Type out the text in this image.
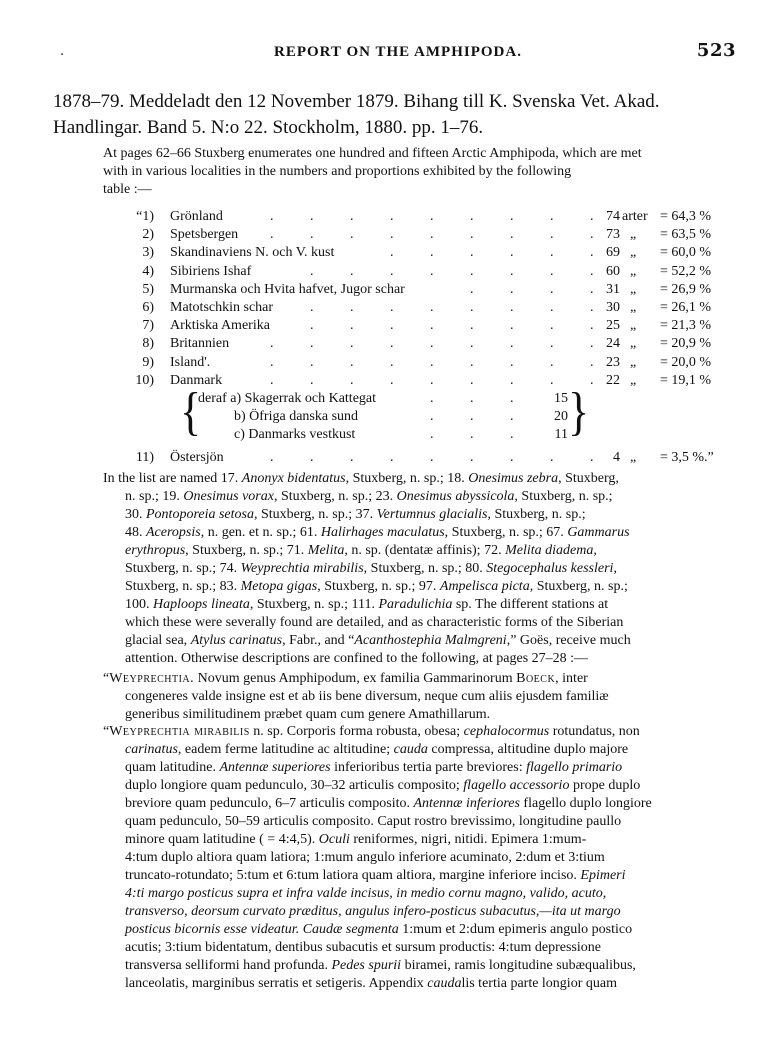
.	REPORT ON THE AMPHIPODA.	523
1878–79. Meddeladt den 12 November 1879. Bihang till K. Svenska Vet. Akad.
Handlingar. Band 5. N:o 22. Stockholm, 1880. pp. 1–76.
At pages 62–66 Stuxberg enumerates one hundred and fifteen Arctic Amphipoda, which are met
with in various localities in the numbers and proportions exhibited by the following
table :—
“1) Grönland	74 arter = 64,3 %
2) Spetsbergen	73 „ = 63,5 %
3) Skandinaviens N. och V. kust	69 „ = 60,0 %
4) Sibiriens Ishaf	60 „ = 52,2 %
5) Murmanska och Hvita hafvet, Jugor schar	31 „ = 26,9 %
6) Matotschkin schar	30 „ = 26,1 %
7) Arktiska Amerika	25 „ = 21,3 %
8) Britannien	24 „ = 20,9 %
9) Island'.	23 „ = 20,0 %
10) Danmark	22 „ = 19,1 %
.	.	.	.	.	.	.	.	.
.	.	.	.	.	.	.	.	.
.	.	.	.	.	.
.	.	.	.	.	.	.	.
.	.	.	.
.	.	.	.	.	.	.	.
.	.	.	.	.	.	.	.
.	.	.	.	.	.	.	.	.
.	.	.	.	.	.	.	.	.
.	.	.	.	.	.	.	.	.
deraf a) Skagerrak och Kattegat	15
.	.	.
b) Öfriga danska sund	20
.	.	.
c) Danmarks vestkust	11
.	.	.
{	}
11) Östersjön	4 „ = 3,5 %.”
.	.	.	.	.	.	.	.	.
In the list are named 17. Anonyx bidentatus, Stuxberg, n. sp.; 18. Onesimus zebra, Stuxberg,
n. sp.; 19. Onesimus vorax, Stuxberg, n. sp.; 23. Onesimus abyssicola, Stuxberg, n. sp.;
30. Pontoporeia setosa, Stuxberg, n. sp.; 37. Vertumnus glacialis, Stuxberg, n. sp.;
48. Aceropsis, n. gen. et n. sp.; 61. Halirhages maculatus, Stuxberg, n. sp.; 67. Gammarus
erythropus, Stuxberg, n. sp.; 71. Melita, n. sp. (dentatæ affinis); 72. Melita diadema,
Stuxberg, n. sp.; 74. Weyprechtia mirabilis, Stuxberg, n. sp.; 80. Stegocephalus kessleri,
Stuxberg, n. sp.; 83. Metopa gigas, Stuxberg, n. sp.; 97. Ampelisca picta, Stuxberg, n. sp.;
100. Haploops lineata, Stuxberg, n. sp.; 111. Paradulichia sp. The different stations at
which these were severally found are detailed, and as characteristic forms of the Siberian
glacial sea, Atylus carinatus, Fabr., and “Acanthostephia Malmgreni,” Goës, receive much
attention. Otherwise descriptions are confined to the following, at pages 27–28 :—
“Weyprechtia. Novum genus Amphipodum, ex familia Gammarinorum Boeck, inter
congeneres valde insigne est et ab iis bene diversum, neque cum aliis ejusdem familiæ
generibus similitudinem præbet quam cum genere Amathillarum.
“Weyprechtia mirabilis n. sp. Corporis forma robusta, obesa; cephalocormus rotundatus, non
carinatus, eadem ferme latitudine ac altitudine; cauda compressa, altitudine duplo majore
quam latitudine. Antennæ superiores inferioribus tertia parte breviores: flagello primario
duplo longiore quam pedunculo, 30–32 articulis composito; flagello accessorio prope duplo
breviore quam pedunculo, 6–7 articulis composito. Antennæ inferiores flagello duplo longiore
quam pedunculo, 50–59 articulis composito. Caput rostro brevissimo, longitudine paullo
minore quam latitudine ( = 4:4,5). Oculi reniformes, nigri, nitidi. Epimera 1:mum-
4:tum duplo altiora quam latiora; 1:mum angulo inferiore acuminato, 2:dum et 3:tium
truncato-rotundato; 5:tum et 6:tum latiora quam altiora, margine inferiore inciso. Epimeri
4:ti margo posticus supra et infra valde incisus, in medio cornu magno, valido, acuto,
transverso, deorsum curvato præditus, angulus infero-posticus subacutus,—ita ut margo
posticus bicornis esse videatur. Caudæ segmenta 1:mum et 2:dum epimeris angulo postico
acutis; 3:tium bidentatum, dentibus subacutis et sursum productis: 4:tum depressione
transversa selliformi hand profunda. Pedes spurii biramei, ramis longitudine subæqualibus,
lanceolatis, marginibus serratis et setigeris. Appendix caudalis tertia parte longior quam
